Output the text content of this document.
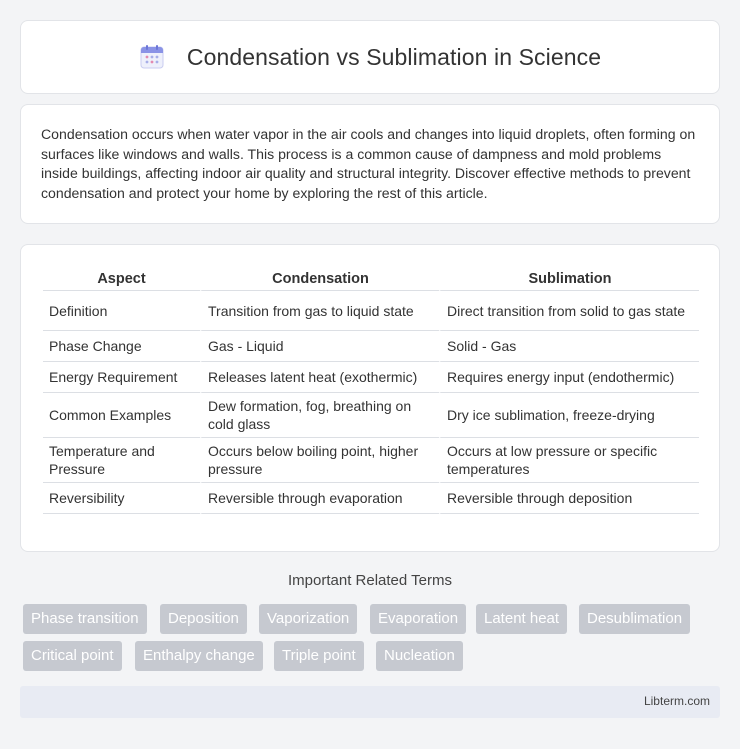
Condensation vs Sublimation in Science

Condensation occurs when water vapor in the air cools and changes into liquid droplets, often forming on surfaces like windows and walls. This process is a common cause of dampness and mold problems inside buildings, affecting indoor air quality and structural integrity. Discover effective methods to prevent condensation and protect your home by exploring the rest of this article.

Aspect	Condensation	Sublimation
Definition	Transition from gas to liquid state	Direct transition from solid to gas state
Phase Change	Gas - Liquid	Solid - Gas
Energy Requirement	Releases latent heat (exothermic)	Requires energy input (endothermic)
Common Examples	Dew formation, fog, breathing on cold glass	Dry ice sublimation, freeze-drying
Temperature and Pressure	Occurs below boiling point, higher pressure	Occurs at low pressure or specific temperatures
Reversibility	Reversible through evaporation	Reversible through deposition
Important Related Terms
Phase transition	Deposition	Vaporization	Evaporation	Latent heat	Desublimation
Critical point	Enthalpy change	Triple point	Nucleation
Libterm.com
